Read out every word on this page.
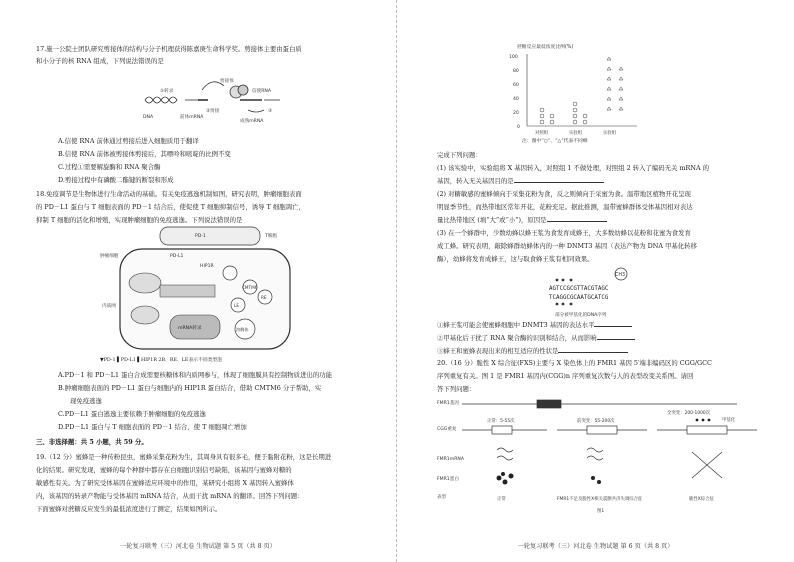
17.施一公院士团队研究剪接体的结构与分子机理获得陈嘉庚生命科学奖。剪接体主要由蛋白质
和小分子的核 RNA 组成，下列说法错误的是
DNA	前体mRNA
剪接体
信使RNA
成熟mRNA
①转录
②剪接	③
A.信使 RNA 前体通过剪接后进入细胞质用于翻译
B.信使 RNA 前体被剪接体剪接后，其嘌呤和嘧啶的比例不变
C.过程①需要解旋酶和 RNA 聚合酶
D.剪接过程中有磷酸二酯键的断裂和形成
18.免疫调节是生物体进行生命活动的基础。有关免疫逃逸机制如图，研究表明，肿瘤细胞表面
的 PD－L1 蛋白与 T 细胞表面的 PD－1 结合后，使促使 T 细胞抑制信号，诱导 T 细胞凋亡，
抑制 T 细胞的活化和增殖，实现肿瘤细胞的免疫逃逸。下列说法错误的是
T细胞
PD-1
肿瘤细胞	PD-L1
HIP1R
CMTM6
LE
RE
内质网
溶酶体
mRNA转录
▼PD-1 ▌PD-L1 ▌HIP1R 2B、RE、LE表示不同类型泡
A.PD－1 和 PD－L1 蛋白合成需要核糖体和内质网参与，体现了细胞膜具有控制物质进出的功能
B.肿瘤细胞表面的 PD－L1 蛋白与细胞内的 HIP1R 蛋白结合，借助 CMTM6 分子帮助，实
现免疫逃逸
C.PD－L1 蛋白逃逸主要依赖于肿瘤细胞的免疫逃逸
D.PD－L1 蛋白与 T 细胞表面的 PD－1 结合，使 T 细胞凋亡增加
三、非选择题：共 5 小题，共 59 分。
19.（12 分）蜜蜂是一种传粉昆虫，蜜蜂采集花粉为生，其周身具有很多毛，便于黏附花粉，这是长期进
化的结果。研究发现，蜜蜂的每个种群中都存在白细胞识别信号缺陷，该基因与蜜蜂对糖的
敏感性有关。为了研究受体基因在蜜蜂适应环境中的作用，某研究小组将 X 基因转入蜜蜂体
内，该基因的转录产物能与受体基因 mRNA 结合，从而干扰 mRNA 的翻译。回答下列问题：
下面蜜蜂对蔗糖反应发生的最低浓度进行了测定，结果如图所示。
一轮复习联考（三）河北卷 生物试题 第 5 页（共 8 页）
蔗糖反应最低浓度比例(%)
100
80
60
40
20
0
对照组	实验组	实验组
注：图中“○”、“△”代表不同蜂
完成下列问题：
(1) 该实验中，实验组将 X 基因转入，对照组 1 不做处理，对照组 2 转入了编码无关 mRNA 的
基因，转入无关基因目的是
(2) 对糖敏感的蜜蜂倾向于采集花粉为食，反之则倾向于采蜜为食。温带地区植物开花呈现
明显季节性，而热带地区常年开花，花粉充足。据此推测，温带蜜蜂群体受体基因相对表达
量比热带地区 (填“大”或“小”)，原因是
(3) 在一个蜂群中，少数幼蜂以蜂王浆为食发育成蜂王，大多数幼蜂以花粉和花蜜为食发育
成工蜂。研究表明，敲除蜂群幼蜂体内的一种 DNMT3 基因（表达产物为 DNA 甲基化转移
酶），幼蜂将发育成蜂王，这与取食蜂王浆有相同效果。
CH3
AGTCCGCGTTACGTAGC
TCAGGCGCAATGCATCG
部分被甲基化的DNA序列
①蜂王浆可能会使蜜蜂细胞中 DNMT3 基因的表达水平
②甲基化后干扰了 RNA 聚合酶的识别和结合，从而影响
③蜂王和蜜蜂表现出来的相互适应的性状是
20.（16 分）脆性 X 综合征(FXS)主要与 X 染色体上的 FMR1 基因 5′端非编码区的 CGG/GCC
序列重复有关。图 1 是 FMR1 基因内(CGG)n 序列重复次数与人的表型改变关系图。请回
答下列问题：
FMR1基因
CGG重复
FMR1mRNA
FMR1蛋白
表型
正常：5-55次	前突变：55-200次
全突变：200-1000次
甲基化
正常	FMR1不足及脆性X相关震颤共济失调综合征	脆性X综合征
图1
一轮复习联考（三）河北卷 生物试题 第 6 页（共 8 页）
